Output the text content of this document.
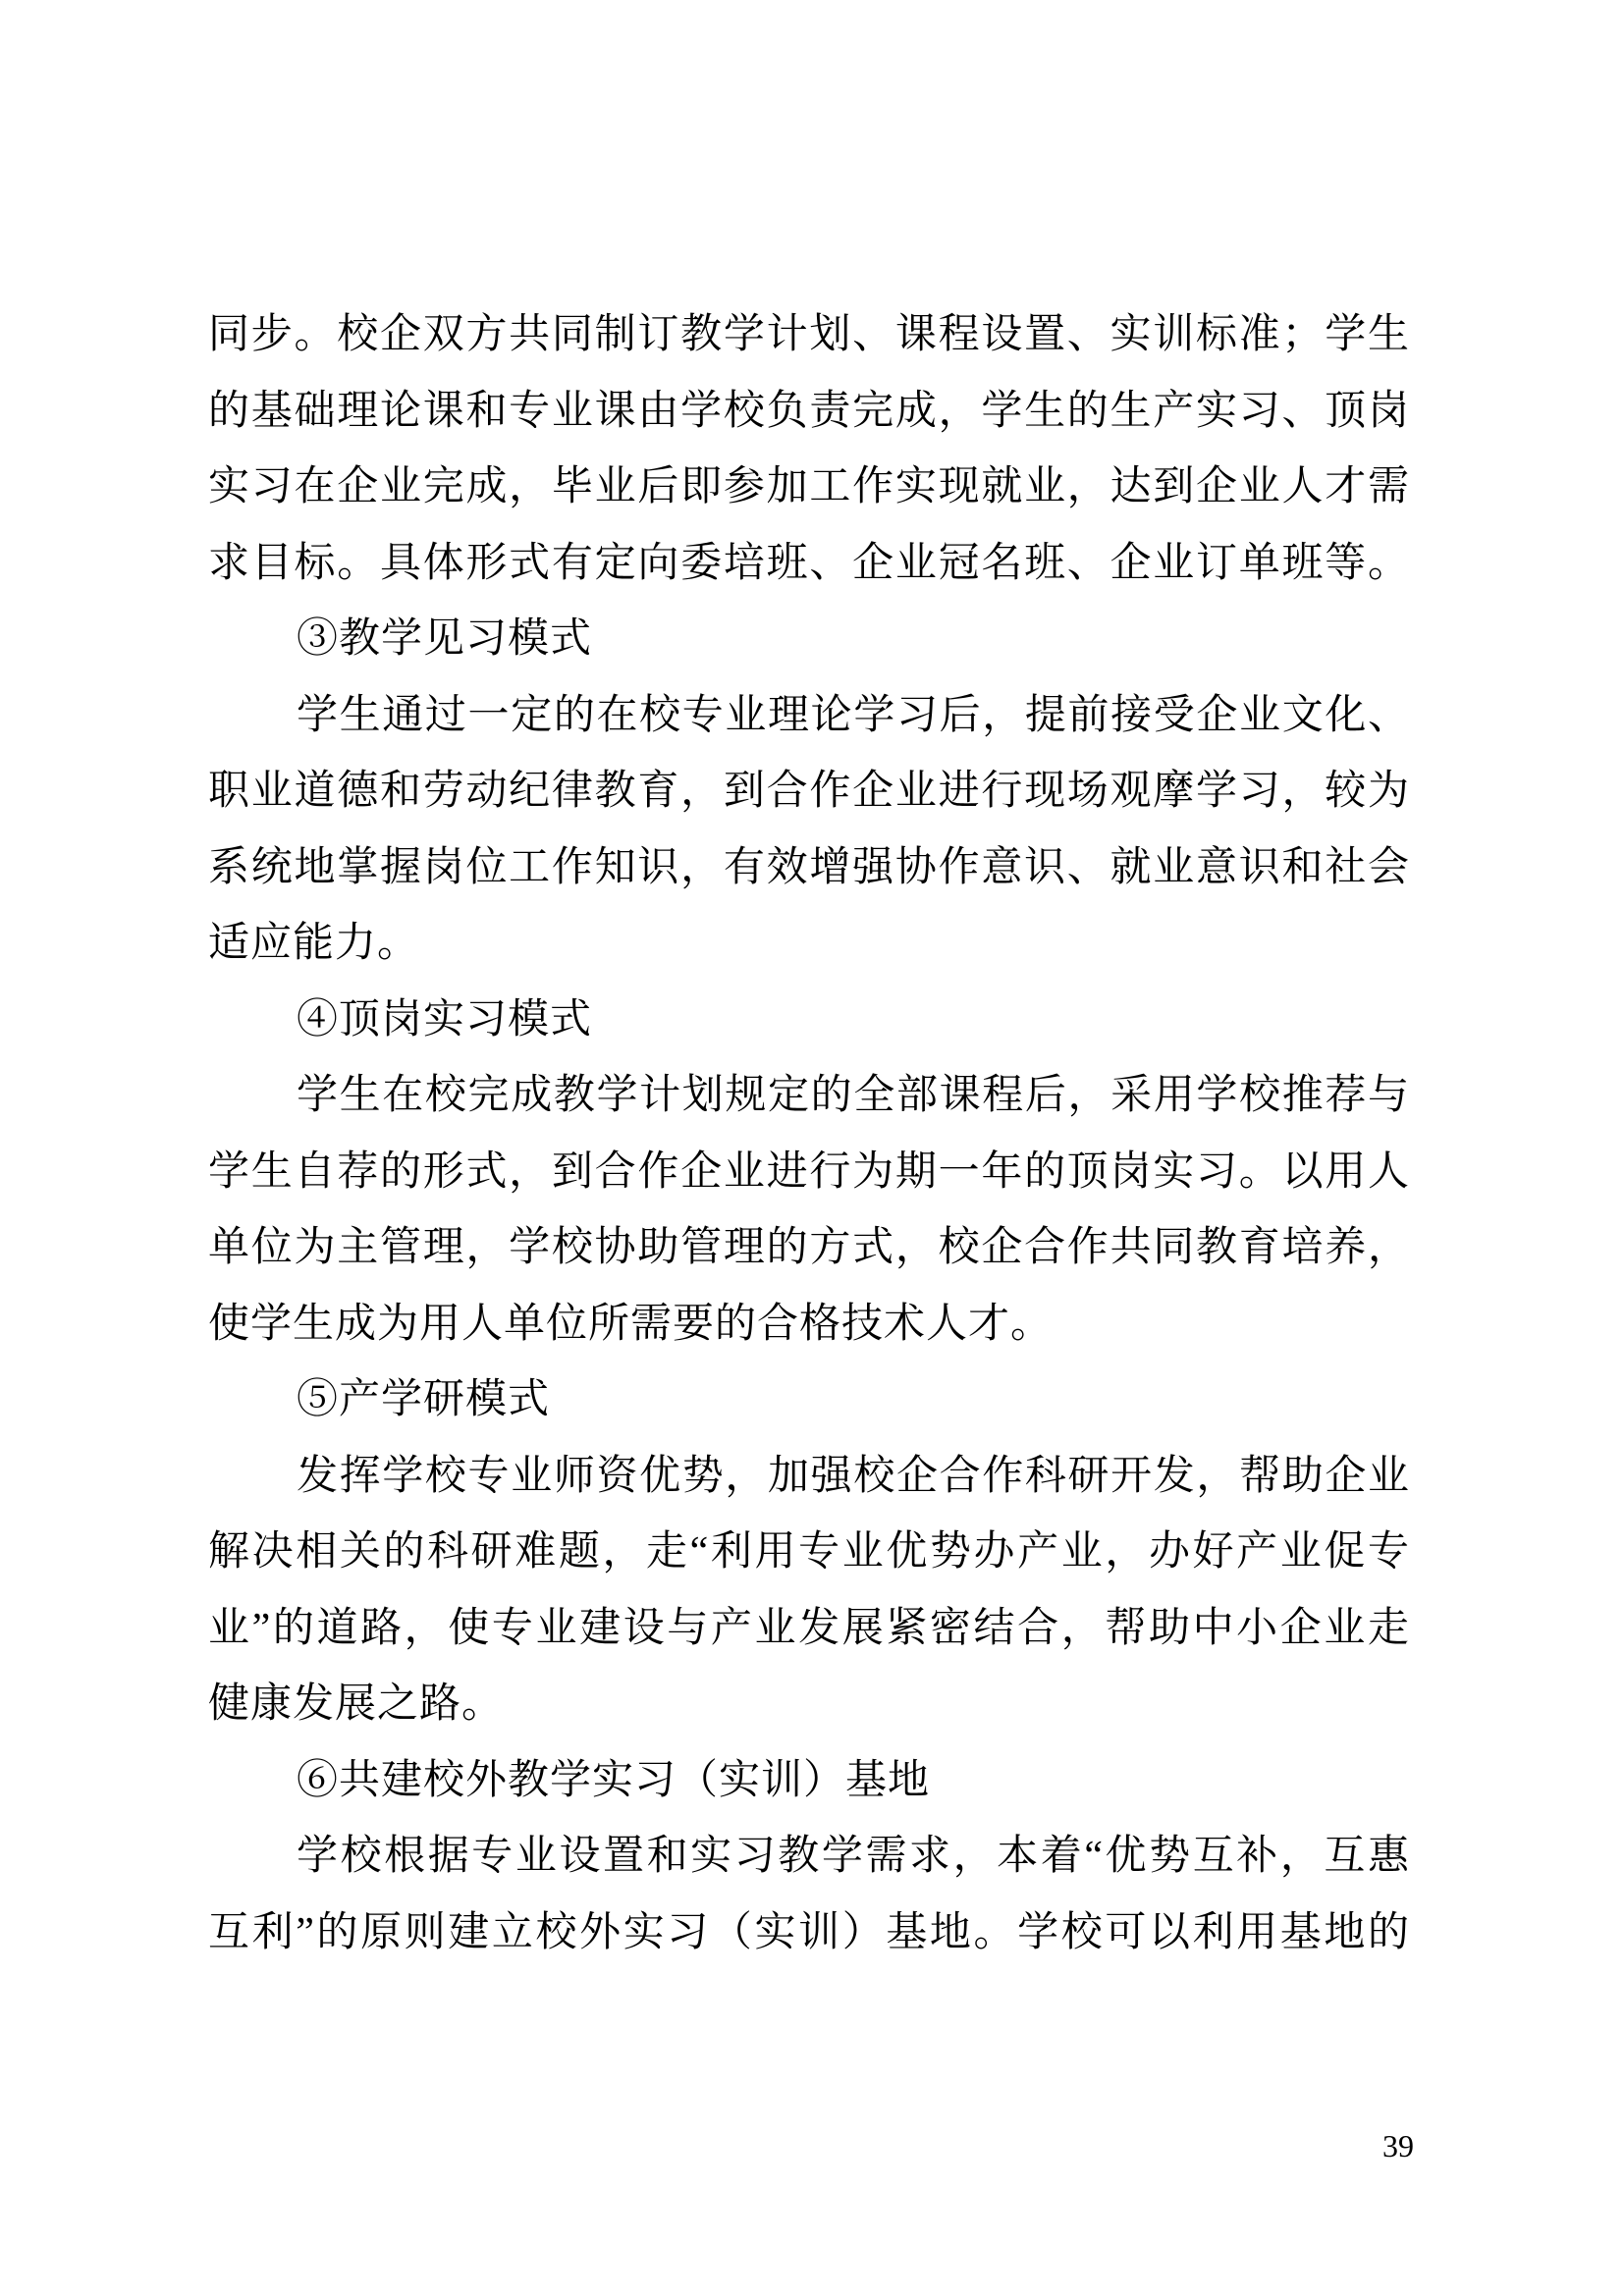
同步。校企双方共同制订教学计划、课程设置、实训标准；学生
的基础理论课和专业课由学校负责完成，学生的生产实习、顶岗
实习在企业完成，毕业后即参加工作实现就业，达到企业人才需
求目标。具体形式有定向委培班、企业冠名班、企业订单班等。
③教学见习模式
学生通过一定的在校专业理论学习后，提前接受企业文化、
职业道德和劳动纪律教育，到合作企业进行现场观摩学习，较为
系统地掌握岗位工作知识，有效增强协作意识、就业意识和社会
适应能力。
④顶岗实习模式
学生在校完成教学计划规定的全部课程后，采用学校推荐与
学生自荐的形式，到合作企业进行为期一年的顶岗实习。以用人
单位为主管理，学校协助管理的方式，校企合作共同教育培养，
使学生成为用人单位所需要的合格技术人才。
⑤产学研模式
发挥学校专业师资优势，加强校企合作科研开发，帮助企业
解决相关的科研难题，走“利用专业优势办产业，办好产业促专
业”的道路，使专业建设与产业发展紧密结合，帮助中小企业走
健康发展之路。
⑥共建校外教学实习（实训）基地
学校根据专业设置和实习教学需求，本着“优势互补，互惠
互利”的原则建立校外实习（实训）基地。学校可以利用基地的
39
